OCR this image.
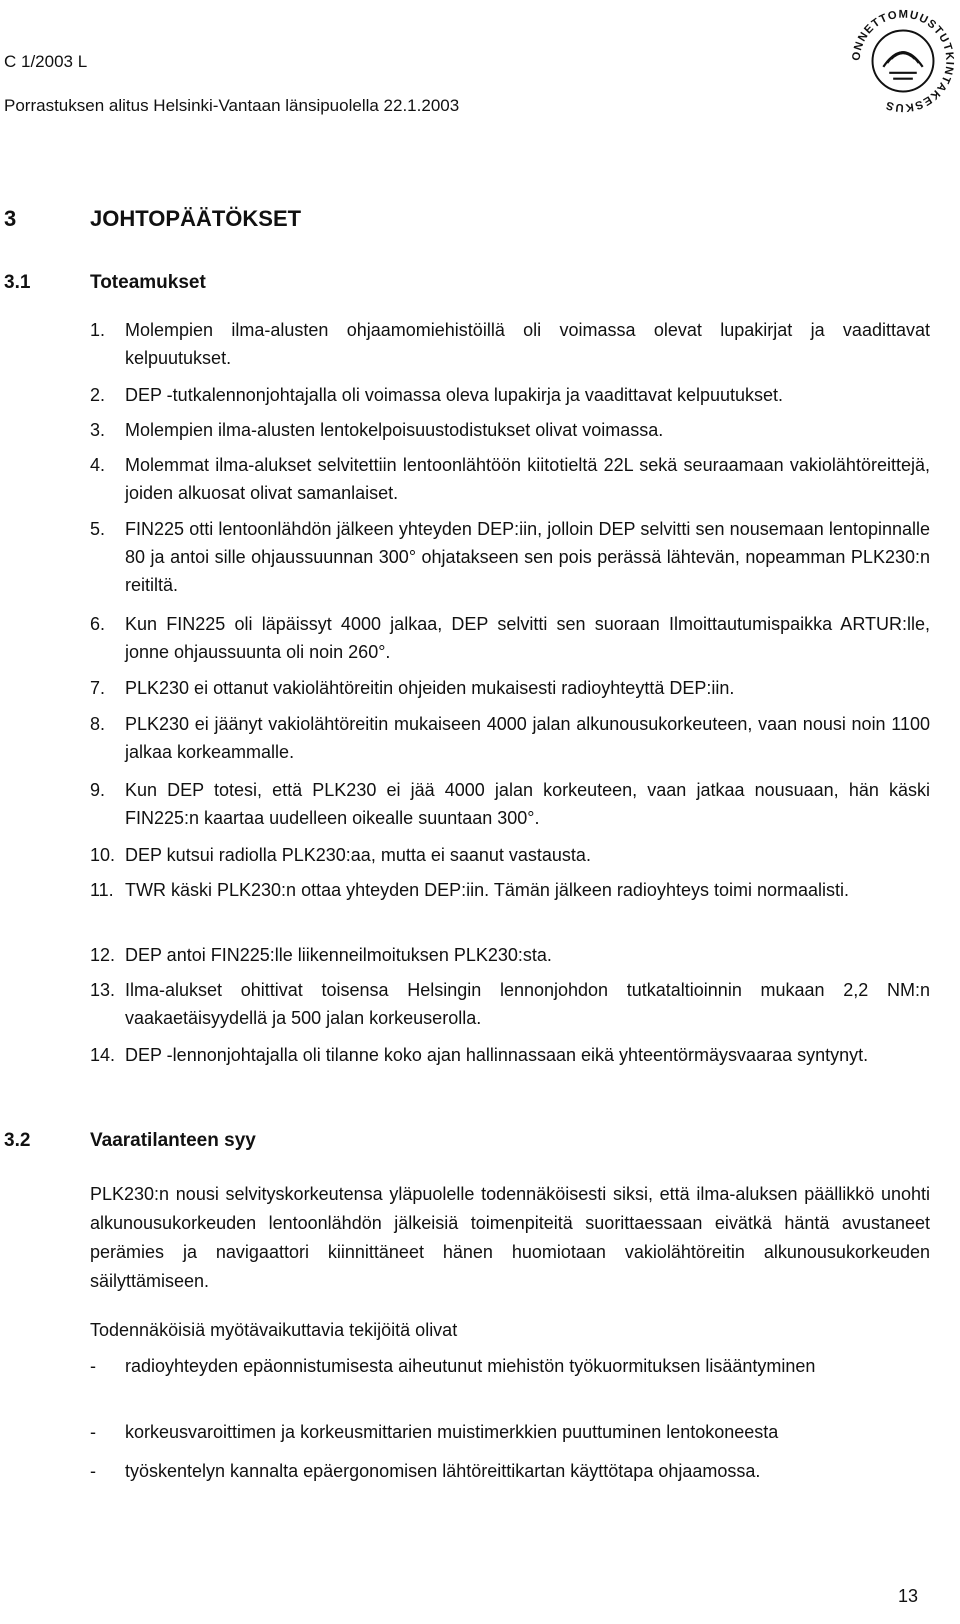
C 1/2003 L
Porrastuksen alitus Helsinki-Vantaan länsipuolella 22.1.2003
ONNETTOMUUSTUTKINTAKESKUS
3	JOHTOPÄÄTÖKSET
3.1	Toteamukset
1. Molempien ilma-alusten ohjaamomiehistöillä oli voimassa olevat lupakirjat ja vaadittavat kelpuutukset.
2. DEP -tutkalennonjohtajalla oli voimassa oleva lupakirja ja vaadittavat kelpuutukset.
3. Molempien ilma-alusten lentokelpoisuustodistukset olivat voimassa.
4. Molemmat ilma-alukset selvitettiin lentoonlähtöön kiitotieltä 22L sekä seuraamaan vakiolähtöreittejä, joiden alkuosat olivat samanlaiset.
5. FIN225 otti lentoonlähdön jälkeen yhteyden DEP:iin, jolloin DEP selvitti sen nousemaan lentopinnalle 80 ja antoi sille ohjaussuunnan 300° ohjatakseen sen pois perässä lähtevän, nopeamman PLK230:n reitiltä.
6. Kun FIN225 oli läpäissyt 4000 jalkaa, DEP selvitti sen suoraan Ilmoittautumispaikka ARTUR:lle, jonne ohjaussuunta oli noin 260°.
7. PLK230 ei ottanut vakiolähtöreitin ohjeiden mukaisesti radioyhteyttä DEP:iin.
8. PLK230 ei jäänyt vakiolähtöreitin mukaiseen 4000 jalan alkunousukorkeuteen, vaan nousi noin 1100 jalkaa korkeammalle.
9. Kun DEP totesi, että PLK230 ei jää 4000 jalan korkeuteen, vaan jatkaa nousuaan, hän käski FIN225:n kaartaa uudelleen oikealle suuntaan 300°.
10. DEP kutsui radiolla PLK230:aa, mutta ei saanut vastausta.
11. TWR käski PLK230:n ottaa yhteyden DEP:iin. Tämän jälkeen radioyhteys toimi normaalisti.
12. DEP antoi FIN225:lle liikenneilmoituksen PLK230:sta.
13. Ilma-alukset ohittivat toisensa Helsingin lennonjohdon tutkataltioinnin mukaan 2,2 NM:n vaakaetäisyydellä ja 500 jalan korkeuserolla.
14. DEP -lennonjohtajalla oli tilanne koko ajan hallinnassaan eikä yhteentörmäysvaaraa syntynyt.
3.2	Vaaratilanteen syy
PLK230:n nousi selvityskorkeutensa yläpuolelle todennäköisesti siksi, että ilma-aluksen päällikkö unohti alkunousukorkeuden lentoonlähdön jälkeisiä toimenpiteitä suorittaessaan eivätkä häntä avustaneet perämies ja navigaattori kiinnittäneet hänen huomiotaan vakiolähtöreitin alkunousukorkeuden säilyttämiseen.
Todennäköisiä myötävaikuttavia tekijöitä olivat
- radioyhteyden epäonnistumisesta aiheutunut miehistön työkuormituksen lisääntyminen
- korkeusvaroittimen ja korkeusmittarien muistimerkkien puuttuminen lentokoneesta
- työskentelyn kannalta epäergonomisen lähtöreittikartan käyttötapa ohjaamossa.
13
